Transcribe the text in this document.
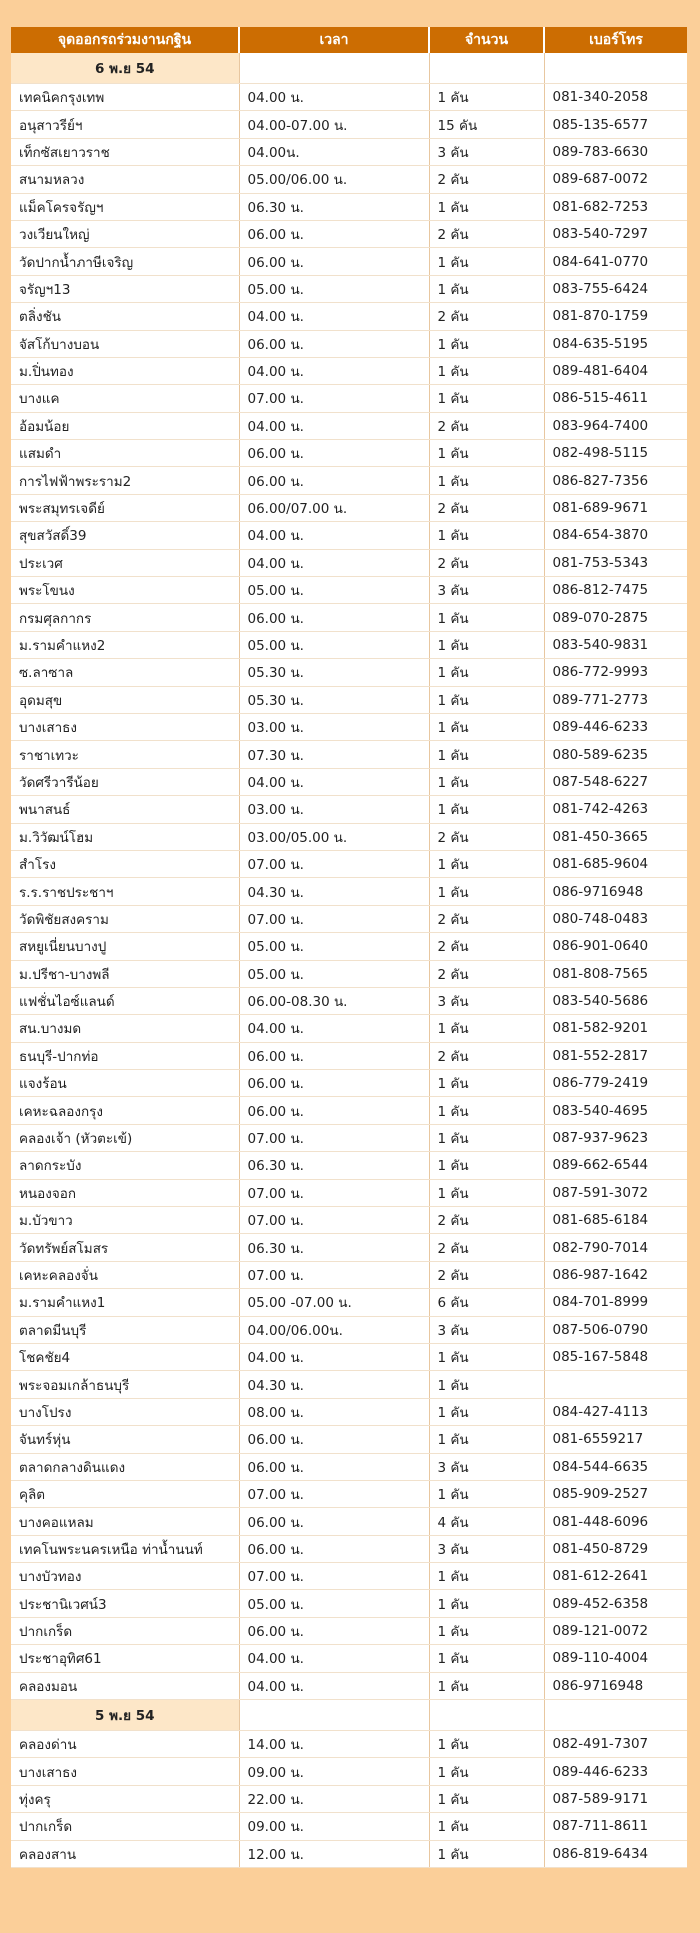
จุดออกรถร่วมงานกฐิน	เวลา	จำนวน	เบอร์โทร
6 พ.ย 54			
เทคนิคกรุงเทพ	04.00 น.	1 คัน	081-340-2058
อนุสาวรีย์ฯ	04.00-07.00 น.	15 คัน	085-135-6577
เท็กซัสเยาวราช	04.00น.	3 คัน	089-783-6630
สนามหลวง	05.00/06.00 น.	2 คัน	089-687-0072
แม็คโครจรัญฯ	06.30 น.	1 คัน	081-682-7253
วงเวียนใหญ่	06.00 น.	2 คัน	083-540-7297
วัดปากน้ำภาษีเจริญ	06.00 น.	1 คัน	084-641-0770
จรัญฯ13	05.00 น.	1 คัน	083-755-6424
ตลิ่งชัน	04.00 น.	2 คัน	081-870-1759
จัสโก้บางบอน	06.00 น.	1 คัน	084-635-5195
ม.ปิ่นทอง	04.00 น.	1 คัน	089-481-6404
บางแค	07.00 น.	1 คัน	086-515-4611
อ้อมน้อย	04.00 น.	2 คัน	083-964-7400
แสมดำ	06.00 น.	1 คัน	082-498-5115
การไฟฟ้าพระราม2	06.00 น.	1 คัน	086-827-7356
พระสมุทรเจดีย์	06.00/07.00 น.	2 คัน	081-689-9671
สุขสวัสดิ์39	04.00 น.	1 คัน	084-654-3870
ประเวศ	04.00 น.	2 คัน	081-753-5343
พระโขนง	05.00 น.	3 คัน	086-812-7475
กรมศุลกากร	06.00 น.	1 คัน	089-070-2875
ม.รามคำแหง2	05.00 น.	1 คัน	083-540-9831
ซ.ลาซาล	05.30 น.	1 คัน	086-772-9993
อุดมสุข	05.30 น.	1 คัน	089-771-2773
บางเสาธง	03.00 น.	1 คัน	089-446-6233
ราชาเทวะ	07.30 น.	1 คัน	080-589-6235
วัดศรีวารีน้อย	04.00 น.	1 คัน	087-548-6227
พนาสนธ์	03.00 น.	1 คัน	081-742-4263
ม.วิวัฒน์โฮม	03.00/05.00 น.	2 คัน	081-450-3665
สำโรง	07.00 น.	1 คัน	081-685-9604
ร.ร.ราชประชาฯ	04.30 น.	1 คัน	086-9716948
วัดพิชัยสงคราม	07.00 น.	2 คัน	080-748-0483
สหยูเนี่ยนบางปู	05.00 น.	2 คัน	086-901-0640
ม.ปรีชา-บางพลี	05.00 น.	2 คัน	081-808-7565
แฟชั่นไอซ์แลนด์	06.00-08.30 น.	3 คัน	083-540-5686
สน.บางมด	04.00 น.	1 คัน	081-582-9201
ธนบุรี-ปากท่อ	06.00 น.	2 คัน	081-552-2817
แจงร้อน	06.00 น.	1 คัน	086-779-2419
เคหะฉลองกรุง	06.00 น.	1 คัน	083-540-4695
คลองเจ้า (หัวตะเข้)	07.00 น.	1 คัน	087-937-9623
ลาดกระบัง	06.30 น.	1 คัน	089-662-6544
หนองจอก	07.00 น.	1 คัน	087-591-3072
ม.บัวขาว	07.00 น.	2 คัน	081-685-6184
วัดทรัพย์สโมสร	06.30 น.	2 คัน	082-790-7014
เคหะคลองจั่น	07.00 น.	2 คัน	086-987-1642
ม.รามคำแหง1	05.00 -07.00 น.	6 คัน	084-701-8999
ตลาดมีนบุรี	04.00/06.00น.	3 คัน	087-506-0790
โชคชัย4	04.00 น.	1 คัน	085-167-5848
พระจอมเกล้าธนบุรี	04.30 น.	1 คัน	
บางโปรง	08.00 น.	1 คัน	084-427-4113
จันทร์หุ่น	06.00 น.	1 คัน	081-6559217
ตลาดกลางดินแดง	06.00 น.	3 คัน	084-544-6635
คุลิต	07.00 น.	1 คัน	085-909-2527
บางคอแหลม	06.00 น.	4 คัน	081-448-6096
เทคโนพระนครเหนือ ท่าน้ำนนท์	06.00 น.	3 คัน	081-450-8729
บางบัวทอง	07.00 น.	1 คัน	081-612-2641
ประชานิเวศน์3	05.00 น.	1 คัน	089-452-6358
ปากเกร็ด	06.00 น.	1 คัน	089-121-0072
ประชาอุทิศ61	04.00 น.	1 คัน	089-110-4004
คลองมอน	04.00 น.	1 คัน	086-9716948
5 พ.ย 54			
คลองด่าน	14.00 น.	1 คัน	082-491-7307
บางเสาธง	09.00 น.	1 คัน	089-446-6233
ทุ่งครุ	22.00 น.	1 คัน	087-589-9171
ปากเกร็ด	09.00 น.	1 คัน	087-711-8611
คลองสาน	12.00 น.	1 คัน	086-819-6434
